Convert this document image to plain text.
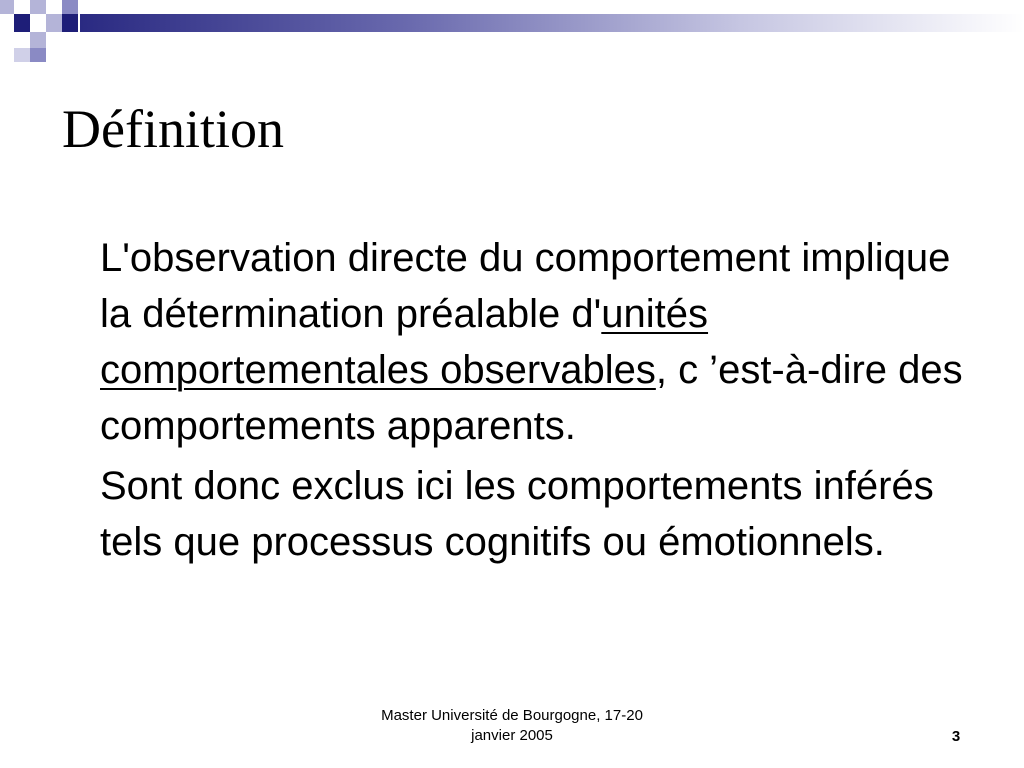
Définition

L'observation directe du comportement implique la détermination préalable d'unités comportementales observables, c ’est-à-dire des comportements apparents.

Sont donc exclus ici les comportements inférés tels que processus cognitifs ou émotionnels.

Master Université de Bourgogne, 17-20
janvier 2005	3
